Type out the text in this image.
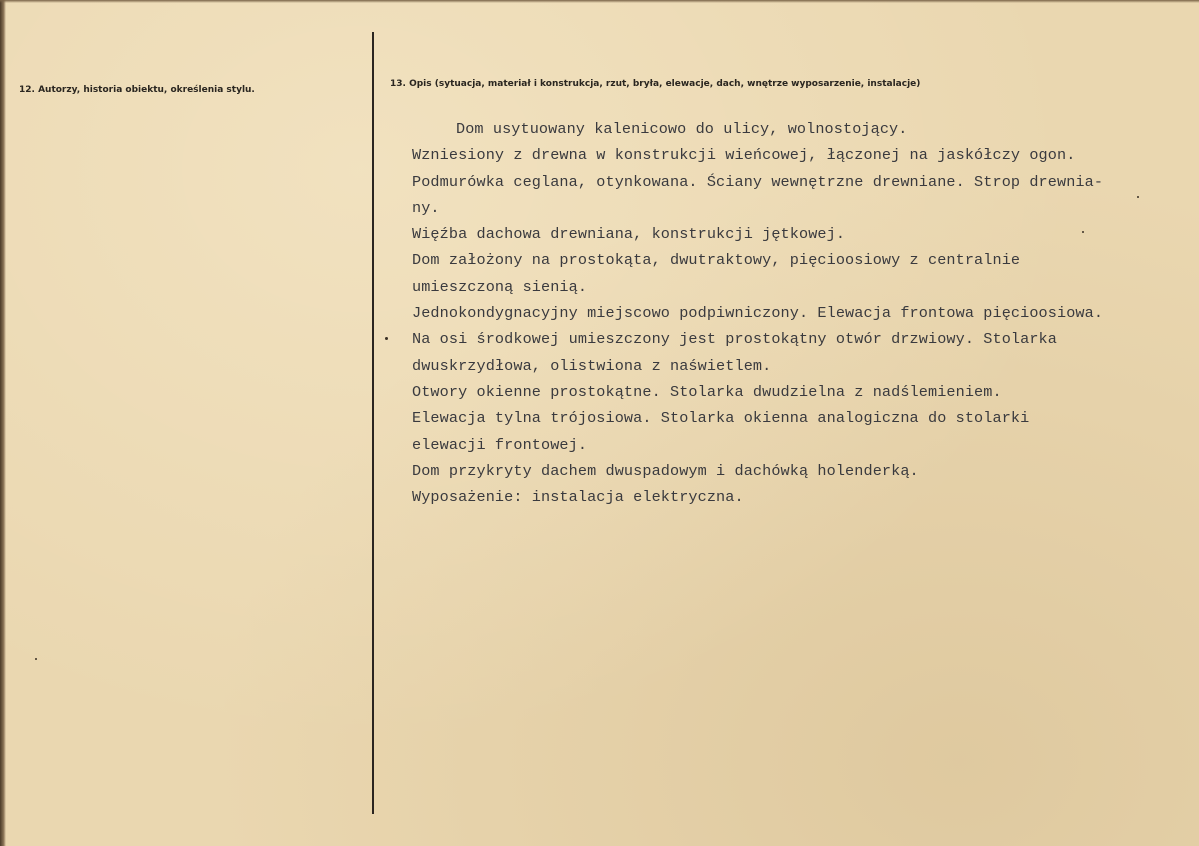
12. Autorzy, historia obiektu, określenia stylu.
13. Opis (sytuacja, materiał i konstrukcja, rzut, bryła, elewacje, dach, wnętrze wyposarzenie, instalacje)
Dom usytuowany kalenicowo do ulicy, wolnostojący.
Wzniesiony z drewna w konstrukcji wieńcowej, łączonej na jaskółczy ogon.
Podmurówka ceglana, otynkowana. Ściany wewnętrzne drewniane. Strop drewnia-
ny.
Więźba dachowa drewniana, konstrukcji jętkowej.
Dom założony na prostokąta, dwutraktowy, pięcioosiowy z centralnie
umieszczoną sienią.
Jednokondygnacyjny miejscowo podpiwniczony. Elewacja frontowa pięcioosiowa.
Na osi środkowej umieszczony jest prostokątny otwór drzwiowy. Stolarka
dwuskrzydłowa, olistwiona z naświetlem.
Otwory okienne prostokątne. Stolarka dwudzielna z nadślemieniem.
Elewacja tylna trójosiowa. Stolarka okienna analogiczna do stolarki
elewacji frontowej.
Dom przykryty dachem dwuspadowym i dachówką holenderką.
Wyposażenie: instalacja elektryczna.
